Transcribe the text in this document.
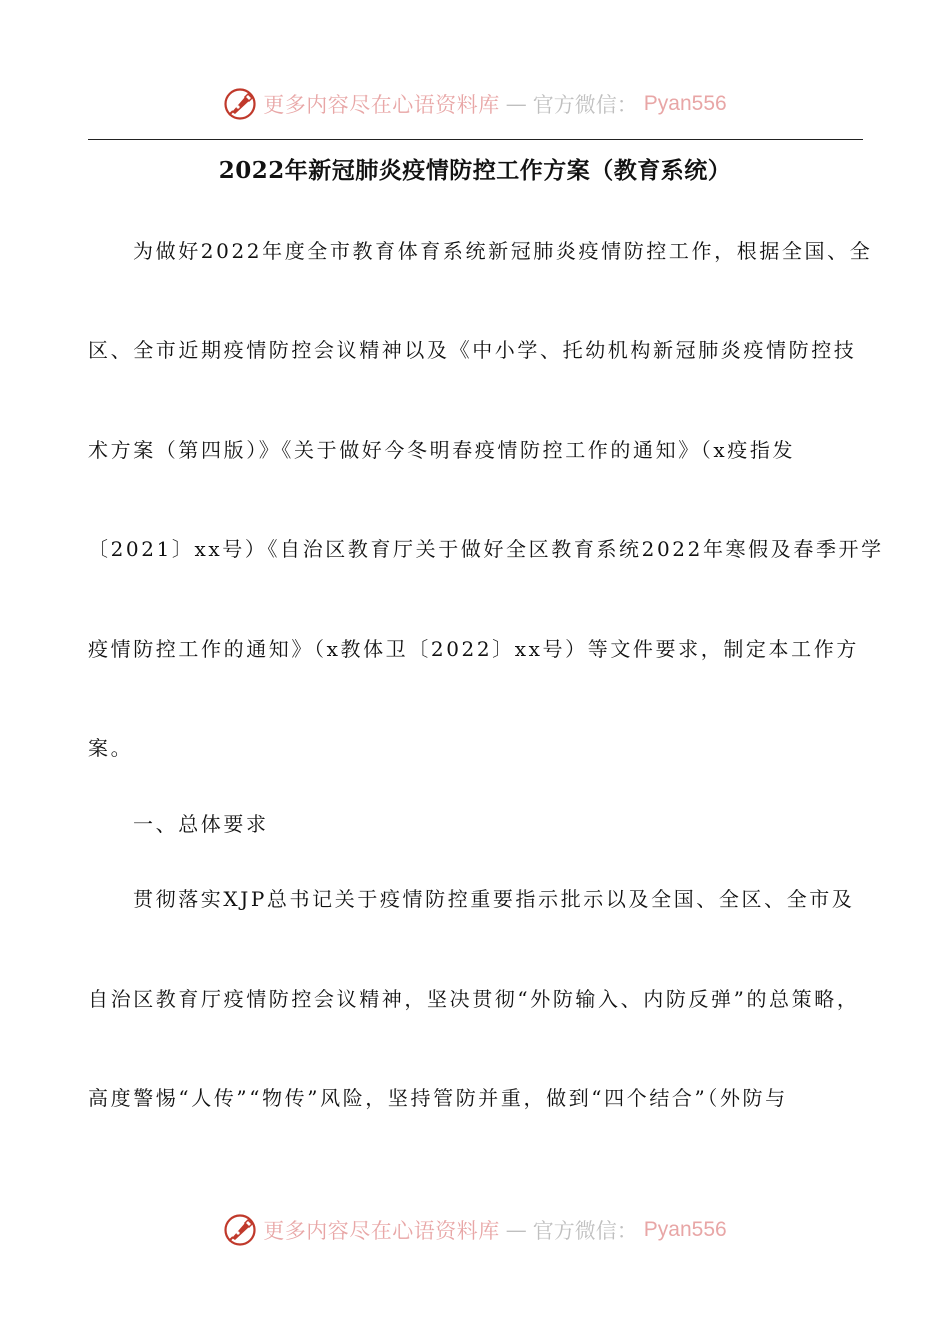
更多内容尽在心语资料库 — 官方微信： Pyan556
2022年新冠肺炎疫情防控工作方案（教育系统）
为做好2022年度全市教育体育系统新冠肺炎疫情防控工作，根据全国、全
区、全市近期疫情防控会议精神以及《中小学、托幼机构新冠肺炎疫情防控技
术方案（第四版）》《关于做好今冬明春疫情防控工作的通知》（x疫指发
〔2021〕xx号）《自治区教育厅关于做好全区教育系统2022年寒假及春季开学
疫情防控工作的通知》（x教体卫〔2022〕xx号）等文件要求，制定本工作方
案。
一、总体要求
贯彻落实XJP总书记关于疫情防控重要指示批示以及全国、全区、全市及
自治区教育厅疫情防控会议精神，坚决贯彻“外防输入、内防反弹”的总策略，
高度警惕“人传”“物传”风险，坚持管防并重，做到“四个结合”（外防与
更多内容尽在心语资料库 — 官方微信： Pyan556
